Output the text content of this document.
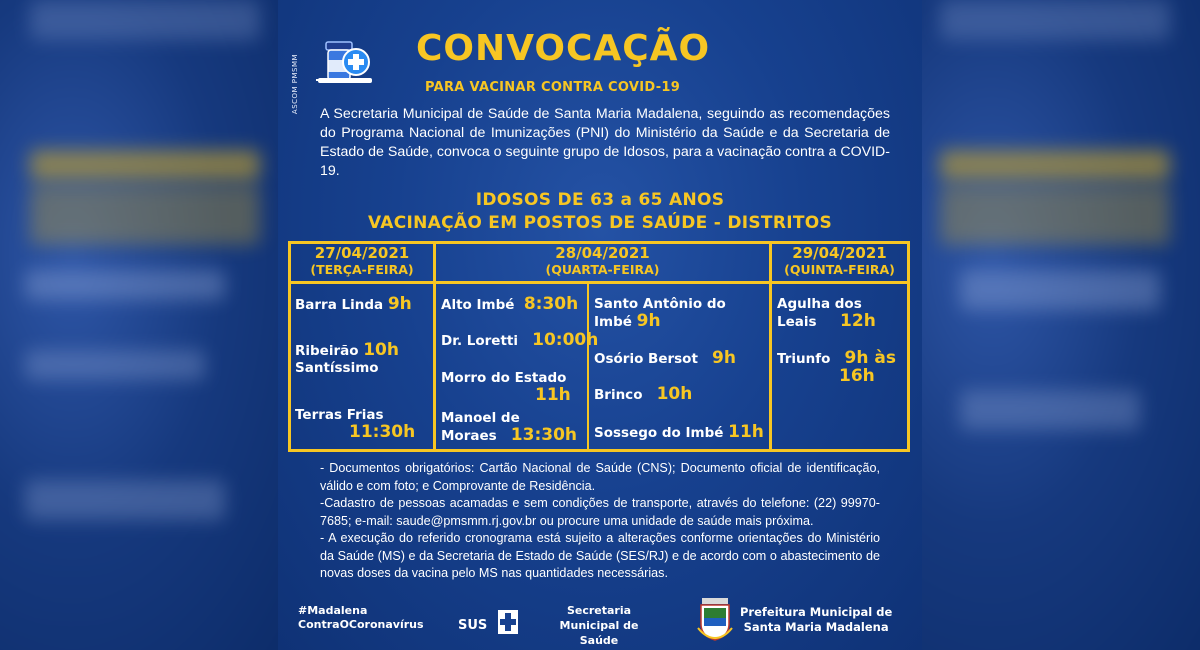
ASCOM PMSMM
CONVOCAÇÃO
PARA VACINAR CONTRA COVID-19
A Secretaria Municipal de Saúde de Santa Maria Madalena, seguindo as recomendações do Programa Nacional de Imunizações (PNI) do Ministério da Saúde e da Secretaria de Estado de Saúde, convoca o seguinte grupo de Idosos, para a vacinação contra a COVID-19.
IDOSOS DE 63 a 65 ANOS
VACINAÇÃO EM POSTOS DE SAÚDE - DISTRITOS
27/04/2021
(TERÇA-FEIRA)
28/04/2021
(QUARTA-FEIRA)
29/04/2021
(QUINTA-FEIRA)
Barra Linda 9h
Ribeirão 10h
Santíssimo
Terras Frias
11:30h
Alto Imbé 8:30h
Dr. Loretti 10:00h
Morro do Estado
11h
Manoel de
Moraes 13:30h
Santo Antônio do
Imbé 9h
Osório Bersot 9h
Brinco 10h
Sossego do Imbé 11h
Agulha dos
Leais 12h
Triunfo 9h às
16h

- Documentos obrigatórios: Cartão Nacional de Saúde (CNS); Documento oficial de identificação, válido e com foto; e Comprovante de Residência.

-Cadastro de pessoas acamadas e sem condições de transporte, através do telefone: (22) 99970-7685; e-mail: saude@pmsmm.rj.gov.br ou procure uma unidade de saúde mais próxima.

- A execução do referido cronograma está sujeito a alterações conforme orientações do Ministério da Saúde (MS) e da Secretaria de Estado de Saúde (SES/RJ) e de acordo com o abastecimento de novas doses da vacina pelo MS nas quantidades necessárias.

#Madalena
ContraOCoronavírus	SUS
Secretaria
Municipal de Saúde
Prefeitura Municipal de
Santa Maria Madalena
